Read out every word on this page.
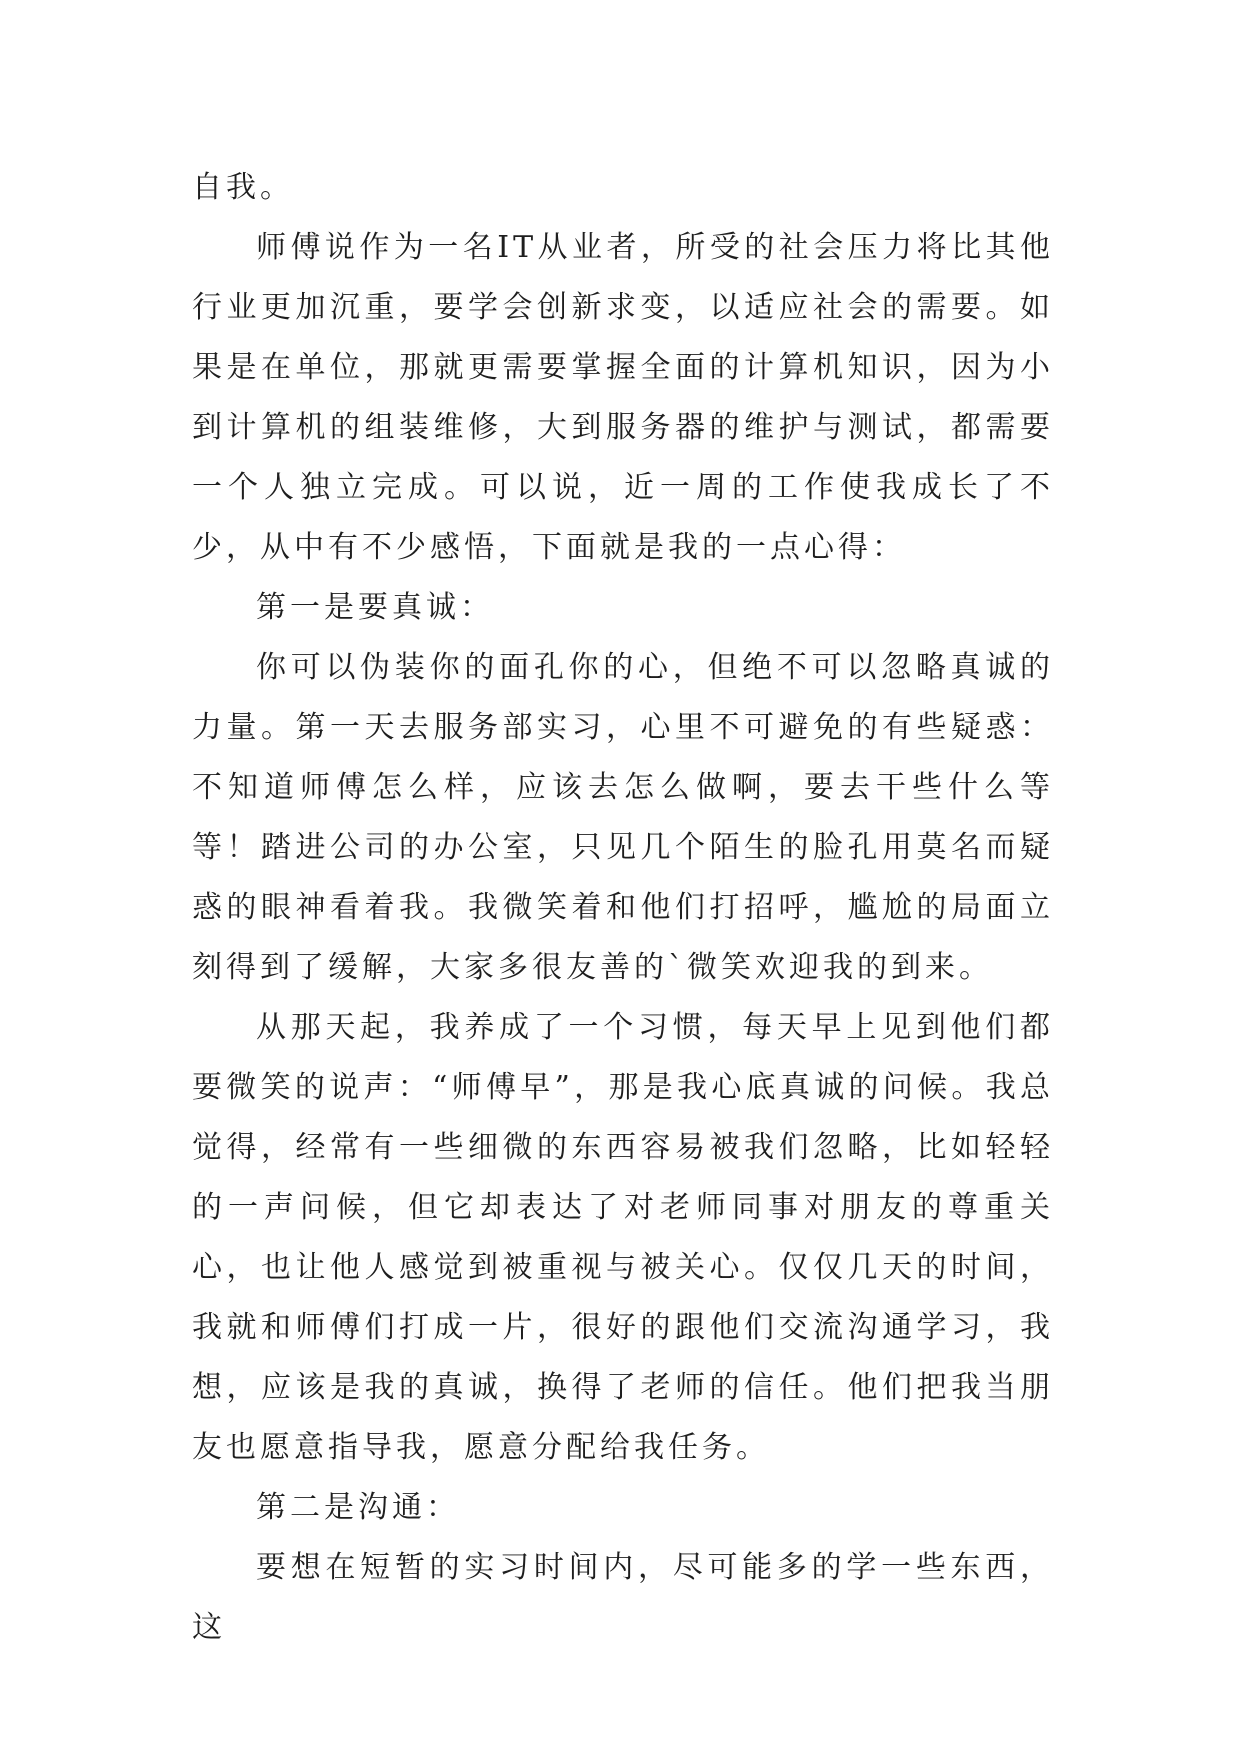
自我。

师傅说作为一名IT从业者，所受的社会压力将比其他行业更加沉重，要学会创新求变，以适应社会的需要。如果是在单位，那就更需要掌握全面的计算机知识，因为小到计算机的组装维修，大到服务器的维护与测试，都需要一个人独立完成。可以说，近一周的工作使我成长了不少，从中有不少感悟，下面就是我的一点心得：

第一是要真诚：

你可以伪装你的面孔你的心，但绝不可以忽略真诚的力量。第一天去服务部实习，心里不可避免的有些疑惑：不知道师傅怎么样，应该去怎么做啊，要去干些什么等等！踏进公司的办公室，只见几个陌生的脸孔用莫名而疑惑的眼神看着我。我微笑着和他们打招呼，尴尬的局面立刻得到了缓解，大家多很友善的`微笑欢迎我的到来。

从那天起，我养成了一个习惯，每天早上见到他们都要微笑的说声：“师傅早”，那是我心底真诚的问候。我总觉得，经常有一些细微的东西容易被我们忽略，比如轻轻的一声问候，但它却表达了对老师同事对朋友的尊重关心，也让他人感觉到被重视与被关心。仅仅几天的时间，我就和师傅们打成一片，很好的跟他们交流沟通学习，我想，应该是我的真诚，换得了老师的信任。他们把我当朋友也愿意指导我，愿意分配给我任务。

第二是沟通：

要想在短暂的实习时间内，尽可能多的学一些东西，这
